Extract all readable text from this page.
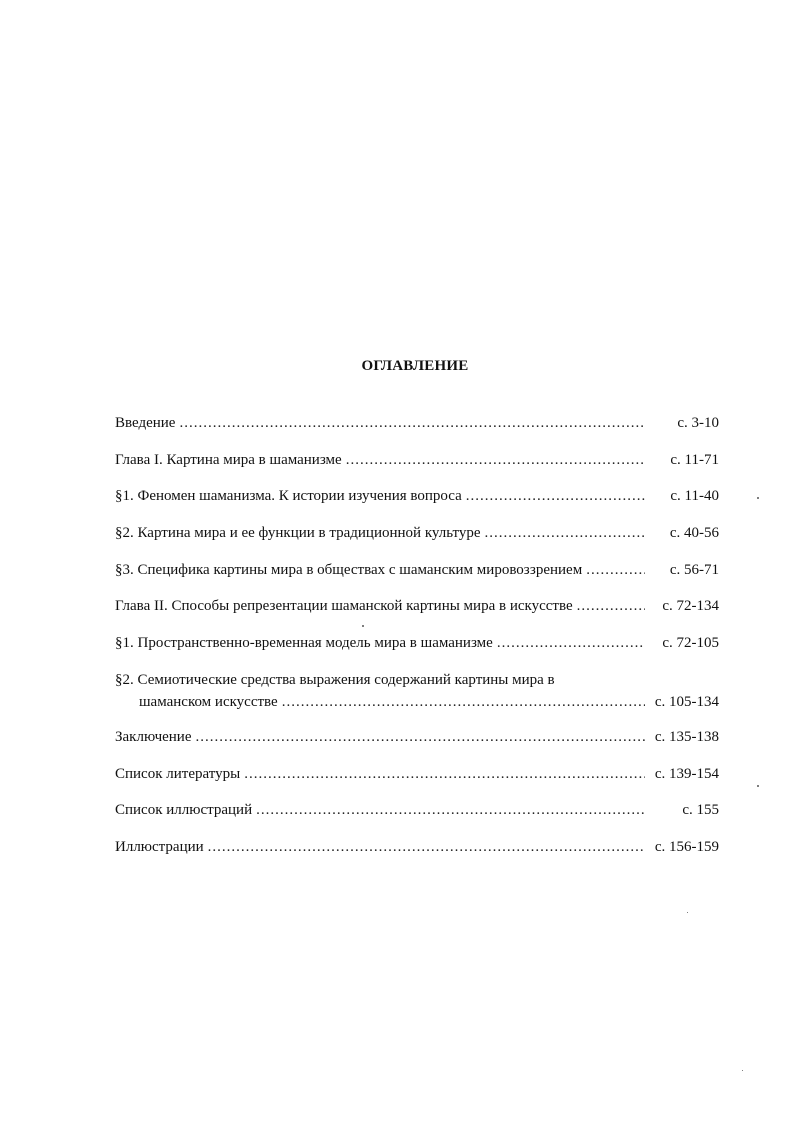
ОГЛАВЛЕНИЕ
Введение .....	с. 3-10
Глава I. Картина мира в шаманизме .....	с. 11-71
§1. Феномен шаманизма. К истории изучения вопроса .....	с. 11-40
§2. Картина мира и ее функции в традиционной культуре .....	с. 40-56
§3. Специфика картины мира в обществах с шаманским мировоззрением .....	с. 56-71
Глава II. Способы репрезентации шаманской картины мира в искусстве .....	с. 72-134
§1. Пространственно-временная модель мира в шаманизме .....	с. 72-105
§2. Семиотические средства выражения содержаний картины мира в
шаманском искусстве .....	с. 105-134
Заключение .....	с. 135-138
Список литературы .....	с. 139-154
Список иллюстраций .....	с. 155
Иллюстрации .....	с. 156-159
